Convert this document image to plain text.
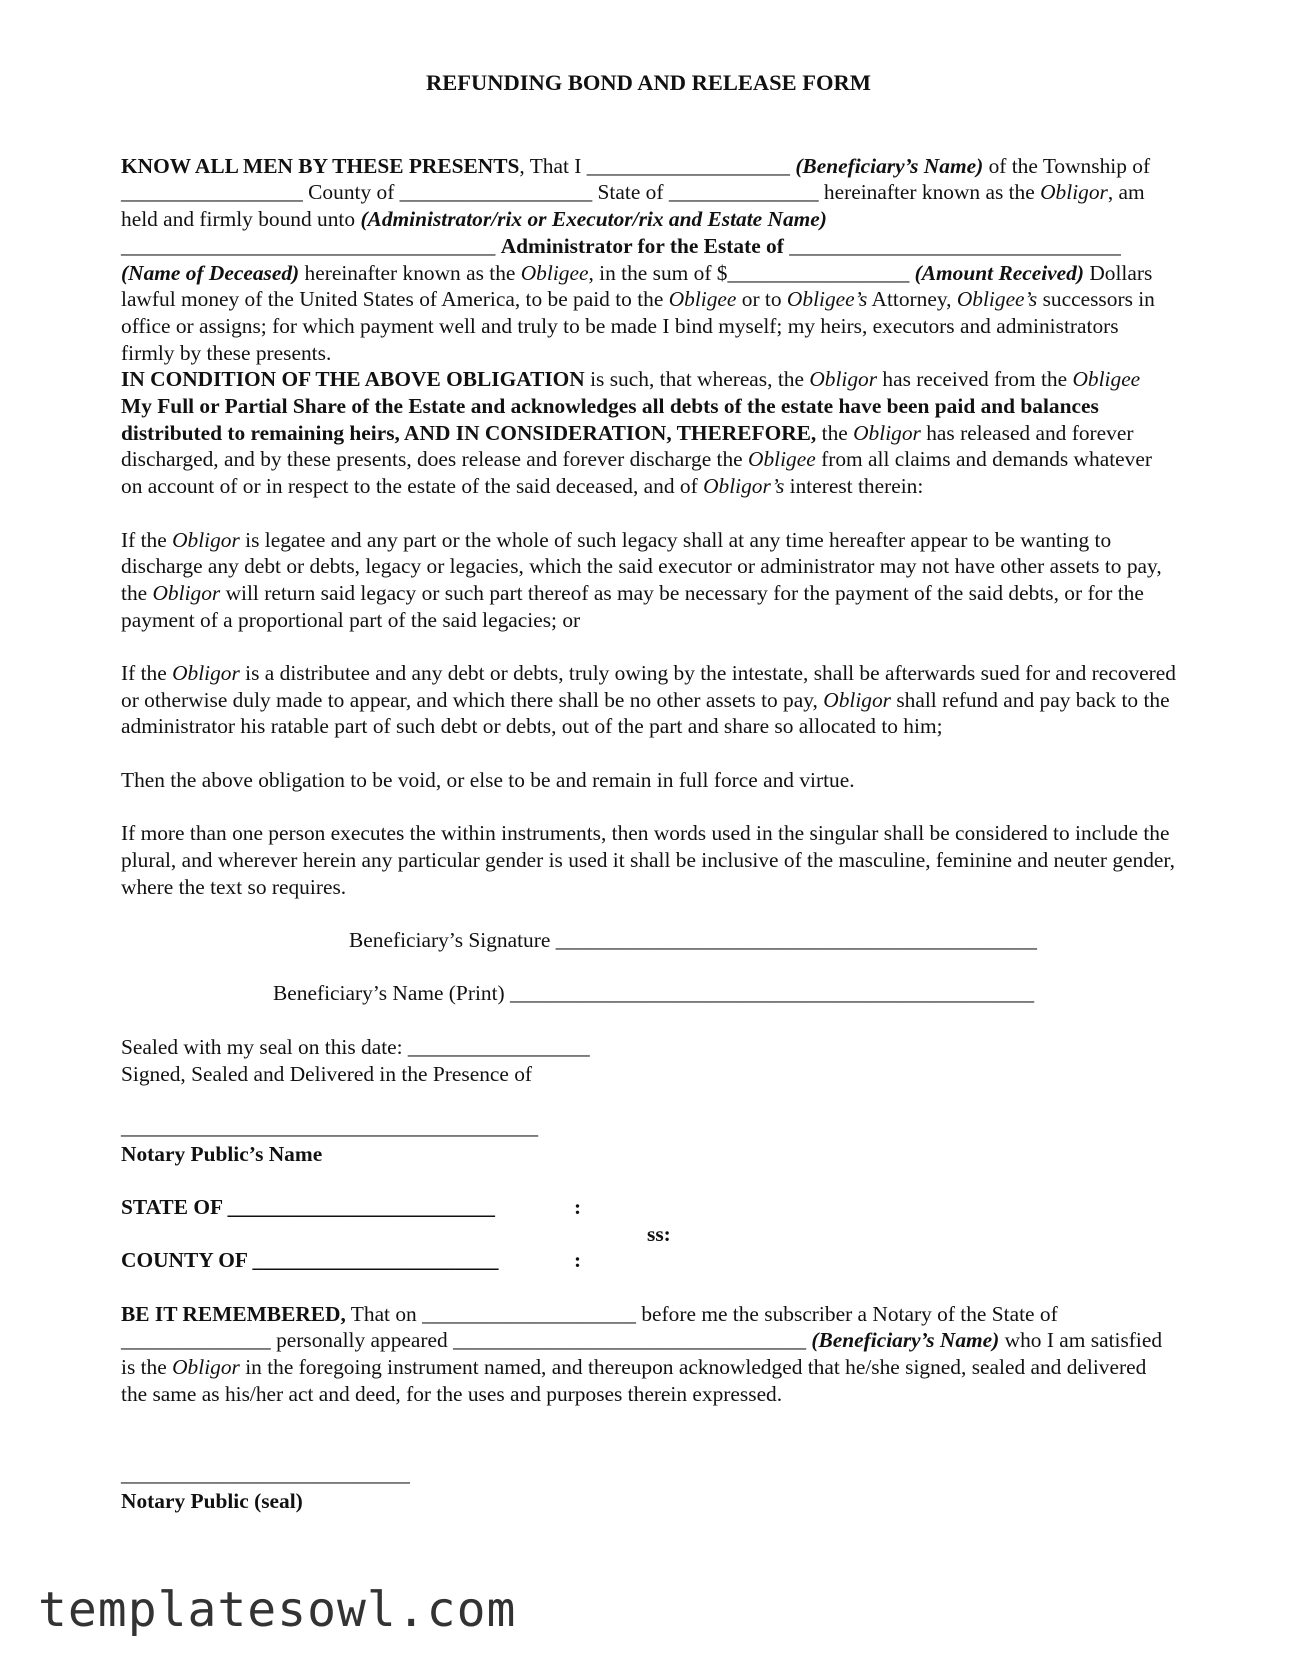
REFUNDING BOND AND RELEASE FORM

KNOW ALL MEN BY THESE PRESENTS, That I ___________________ (Beneficiary’s Name) of the Township of _________________ County of __________________ State of ______________ hereinafter known as the Obligor, am held and firmly bound unto (Administrator/rix or Executor/rix and Estate Name) ___________________________________ Administrator for the Estate of _______________________________ (Name of Deceased) hereinafter known as the Obligee, in the sum of $_________________ (Amount Received) Dollars lawful money of the United States of America, to be paid to the Obligee or to Obligee’s Attorney, Obligee’s successors in office or assigns; for which payment well and truly to be made I bind myself; my heirs, executors and administrators firmly by these presents.

IN CONDITION OF THE ABOVE OBLIGATION is such, that whereas, the Obligor has received from the Obligee My Full or Partial Share of the Estate and acknowledges all debts of the estate have been paid and balances distributed to remaining heirs, AND IN CONSIDERATION, THEREFORE, the Obligor has released and forever discharged, and by these presents, does release and forever discharge the Obligee from all claims and demands whatever on account of or in respect to the estate of the said deceased, and of Obligor’s interest therein:

If the Obligor is legatee and any part or the whole of such legacy shall at any time hereafter appear to be wanting to discharge any debt or debts, legacy or legacies, which the said executor or administrator may not have other assets to pay, the Obligor will return said legacy or such part thereof as may be necessary for the payment of the said debts, or for the payment of a proportional part of the said legacies; or

If the Obligor is a distributee and any debt or debts, truly owing by the intestate, shall be afterwards sued for and recovered or otherwise duly made to appear, and which there shall be no other assets to pay, Obligor shall refund and pay back to the administrator his ratable part of such debt or debts, out of the part and share so allocated to him;

Then the above obligation to be void, or else to be and remain in full force and virtue.

If more than one person executes the within instruments, then words used in the singular shall be considered to include the plural, and wherever herein any particular gender is used it shall be inclusive of the masculine, feminine and neuter gender, where the text so requires.

Beneficiary’s Signature _____________________________________________

Beneficiary’s Name (Print) _________________________________________________

Sealed with my seal on this date: _________________

Signed, Sealed and Delivered in the Presence of

_______________________________________

Notary Public’s Name

STATE OF _________________________	:

ss:

COUNTY OF _______________________	:

BE IT REMEMBERED, That on ____________________ before me the subscriber a Notary of the State of ______________ personally appeared _________________________________ (Beneficiary’s Name) who I am satisfied is the Obligor in the foregoing instrument named, and thereupon acknowledged that he/she signed, sealed and delivered the same as his/her act and deed, for the uses and purposes therein expressed.

___________________________

Notary Public (seal)

templatesowl.com
